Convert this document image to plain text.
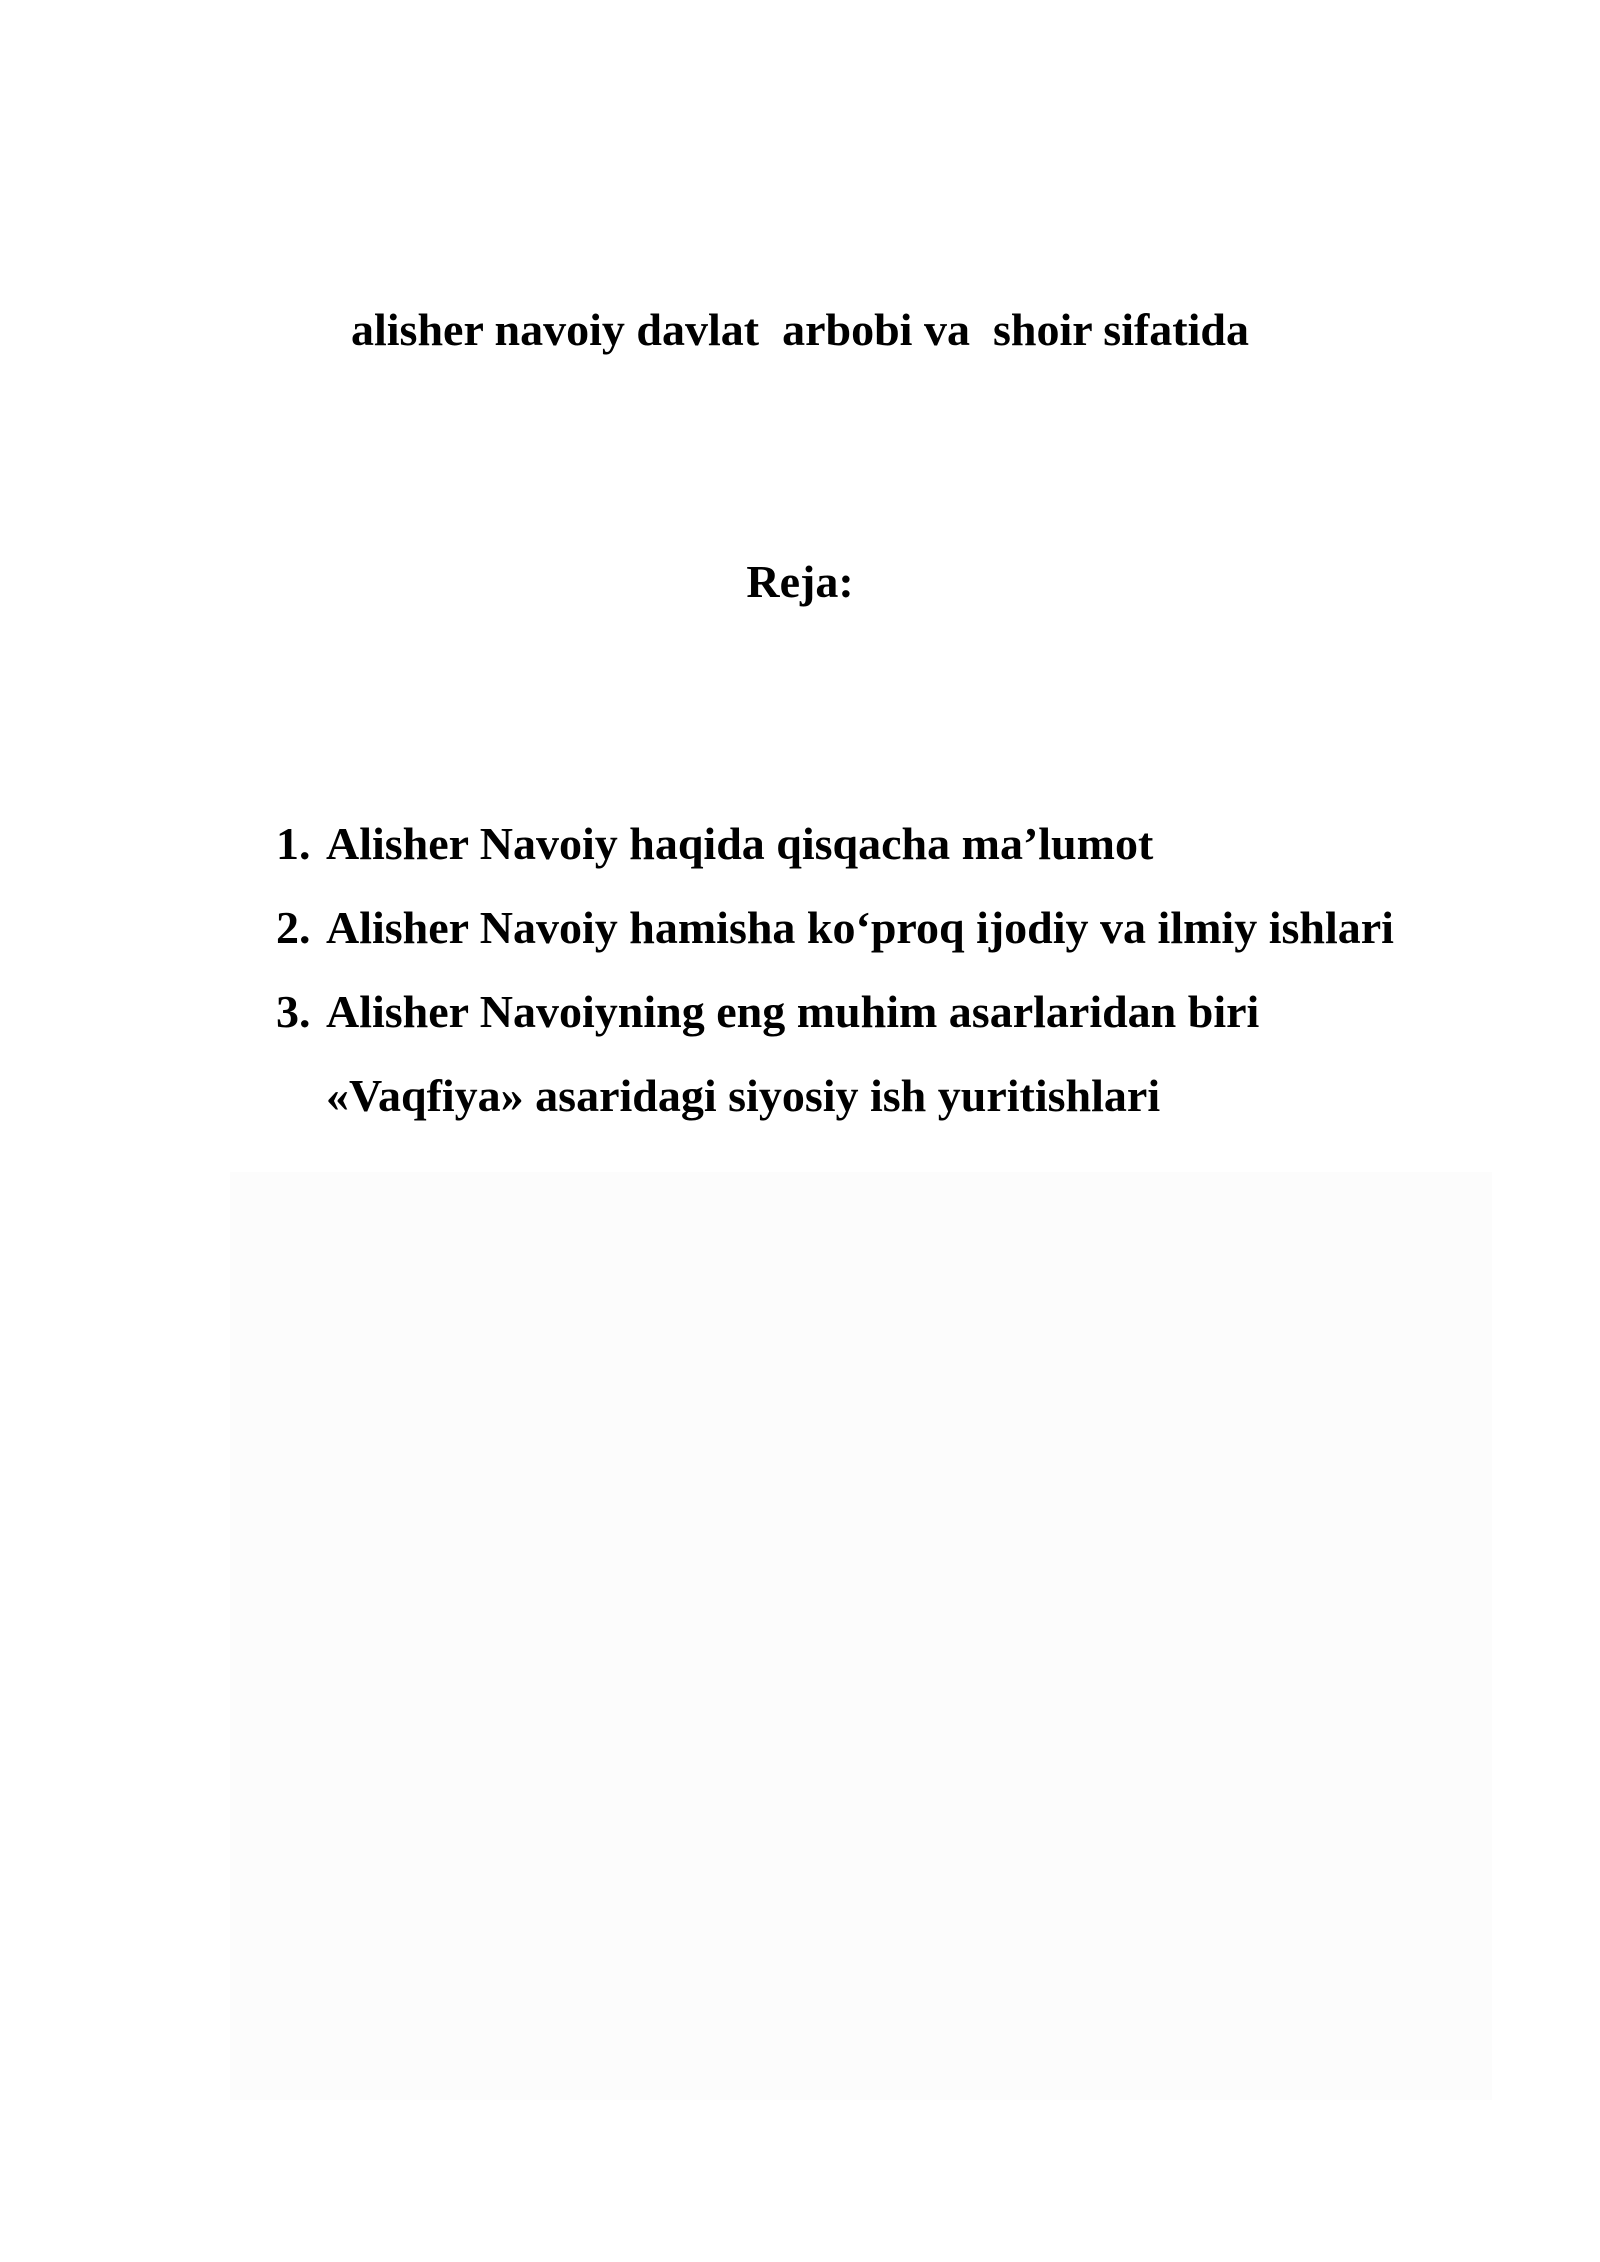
alisher navoiy davlat  arbobi va  shoir sifatida
Reja:
1. Alisher Navoiy haqida qisqacha ma’lumot
2. Alisher Navoiy hamisha ko‘proq ijodiy va ilmiy ishlari
3. Alisher Navoiyning eng muhim asarlaridan biri
«Vaqfiya» asaridagi siyosiy ish yuritishlari
